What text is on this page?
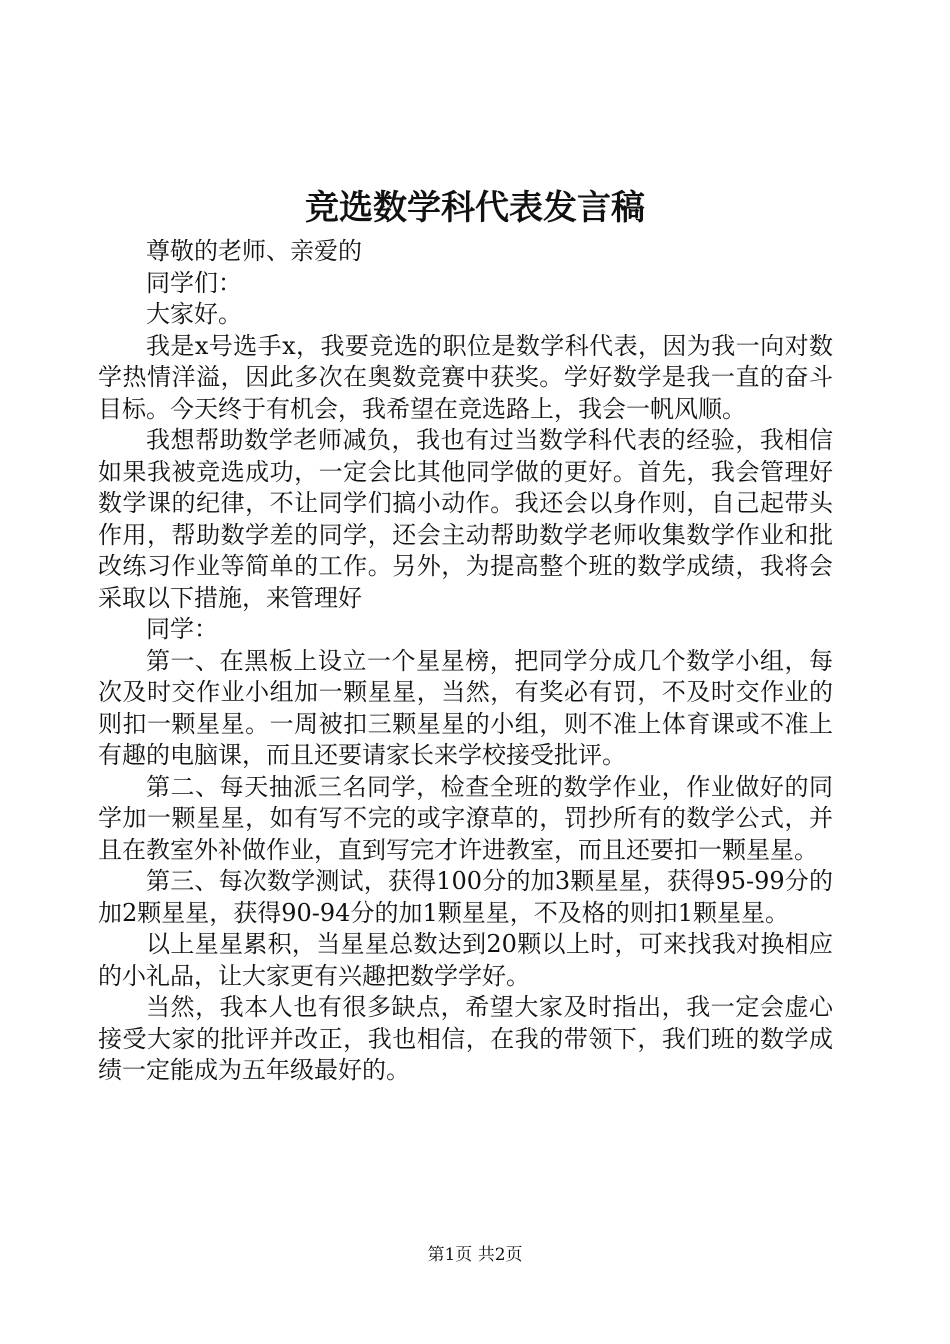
竞选数学科代表发言稿

尊敬的老师、亲爱的

同学们：

大家好。

我是x号选手x，我要竞选的职位是数学科代表，因为我一向对数学热情洋溢，因此多次在奥数竞赛中获奖。学好数学是我一直的奋斗目标。今天终于有机会，我希望在竞选路上，我会一帆风顺。

我想帮助数学老师减负，我也有过当数学科代表的经验，我相信如果我被竞选成功，一定会比其他同学做的更好。首先，我会管理好数学课的纪律，不让同学们搞小动作。我还会以身作则，自己起带头作用，帮助数学差的同学，还会主动帮助数学老师收集数学作业和批改练习作业等简单的工作。另外，为提高整个班的数学成绩，我将会采取以下措施，来管理好

同学：

第一、在黑板上设立一个星星榜，把同学分成几个数学小组，每次及时交作业小组加一颗星星，当然，有奖必有罚，不及时交作业的则扣一颗星星。一周被扣三颗星星的小组，则不准上体育课或不准上有趣的电脑课，而且还要请家长来学校接受批评。

第二、每天抽派三名同学，检查全班的数学作业，作业做好的同学加一颗星星，如有写不完的或字潦草的，罚抄所有的数学公式，并且在教室外补做作业，直到写完才许进教室，而且还要扣一颗星星。

第三、每次数学测试，获得100分的加3颗星星，获得95-99分的加2颗星星，获得90-94分的加1颗星星，不及格的则扣1颗星星。

以上星星累积，当星星总数达到20颗以上时，可来找我对换相应的小礼品，让大家更有兴趣把数学学好。

当然，我本人也有很多缺点，希望大家及时指出，我一定会虚心接受大家的批评并改正，我也相信，在我的带领下，我们班的数学成绩一定能成为五年级最好的。

第1页 共2页
